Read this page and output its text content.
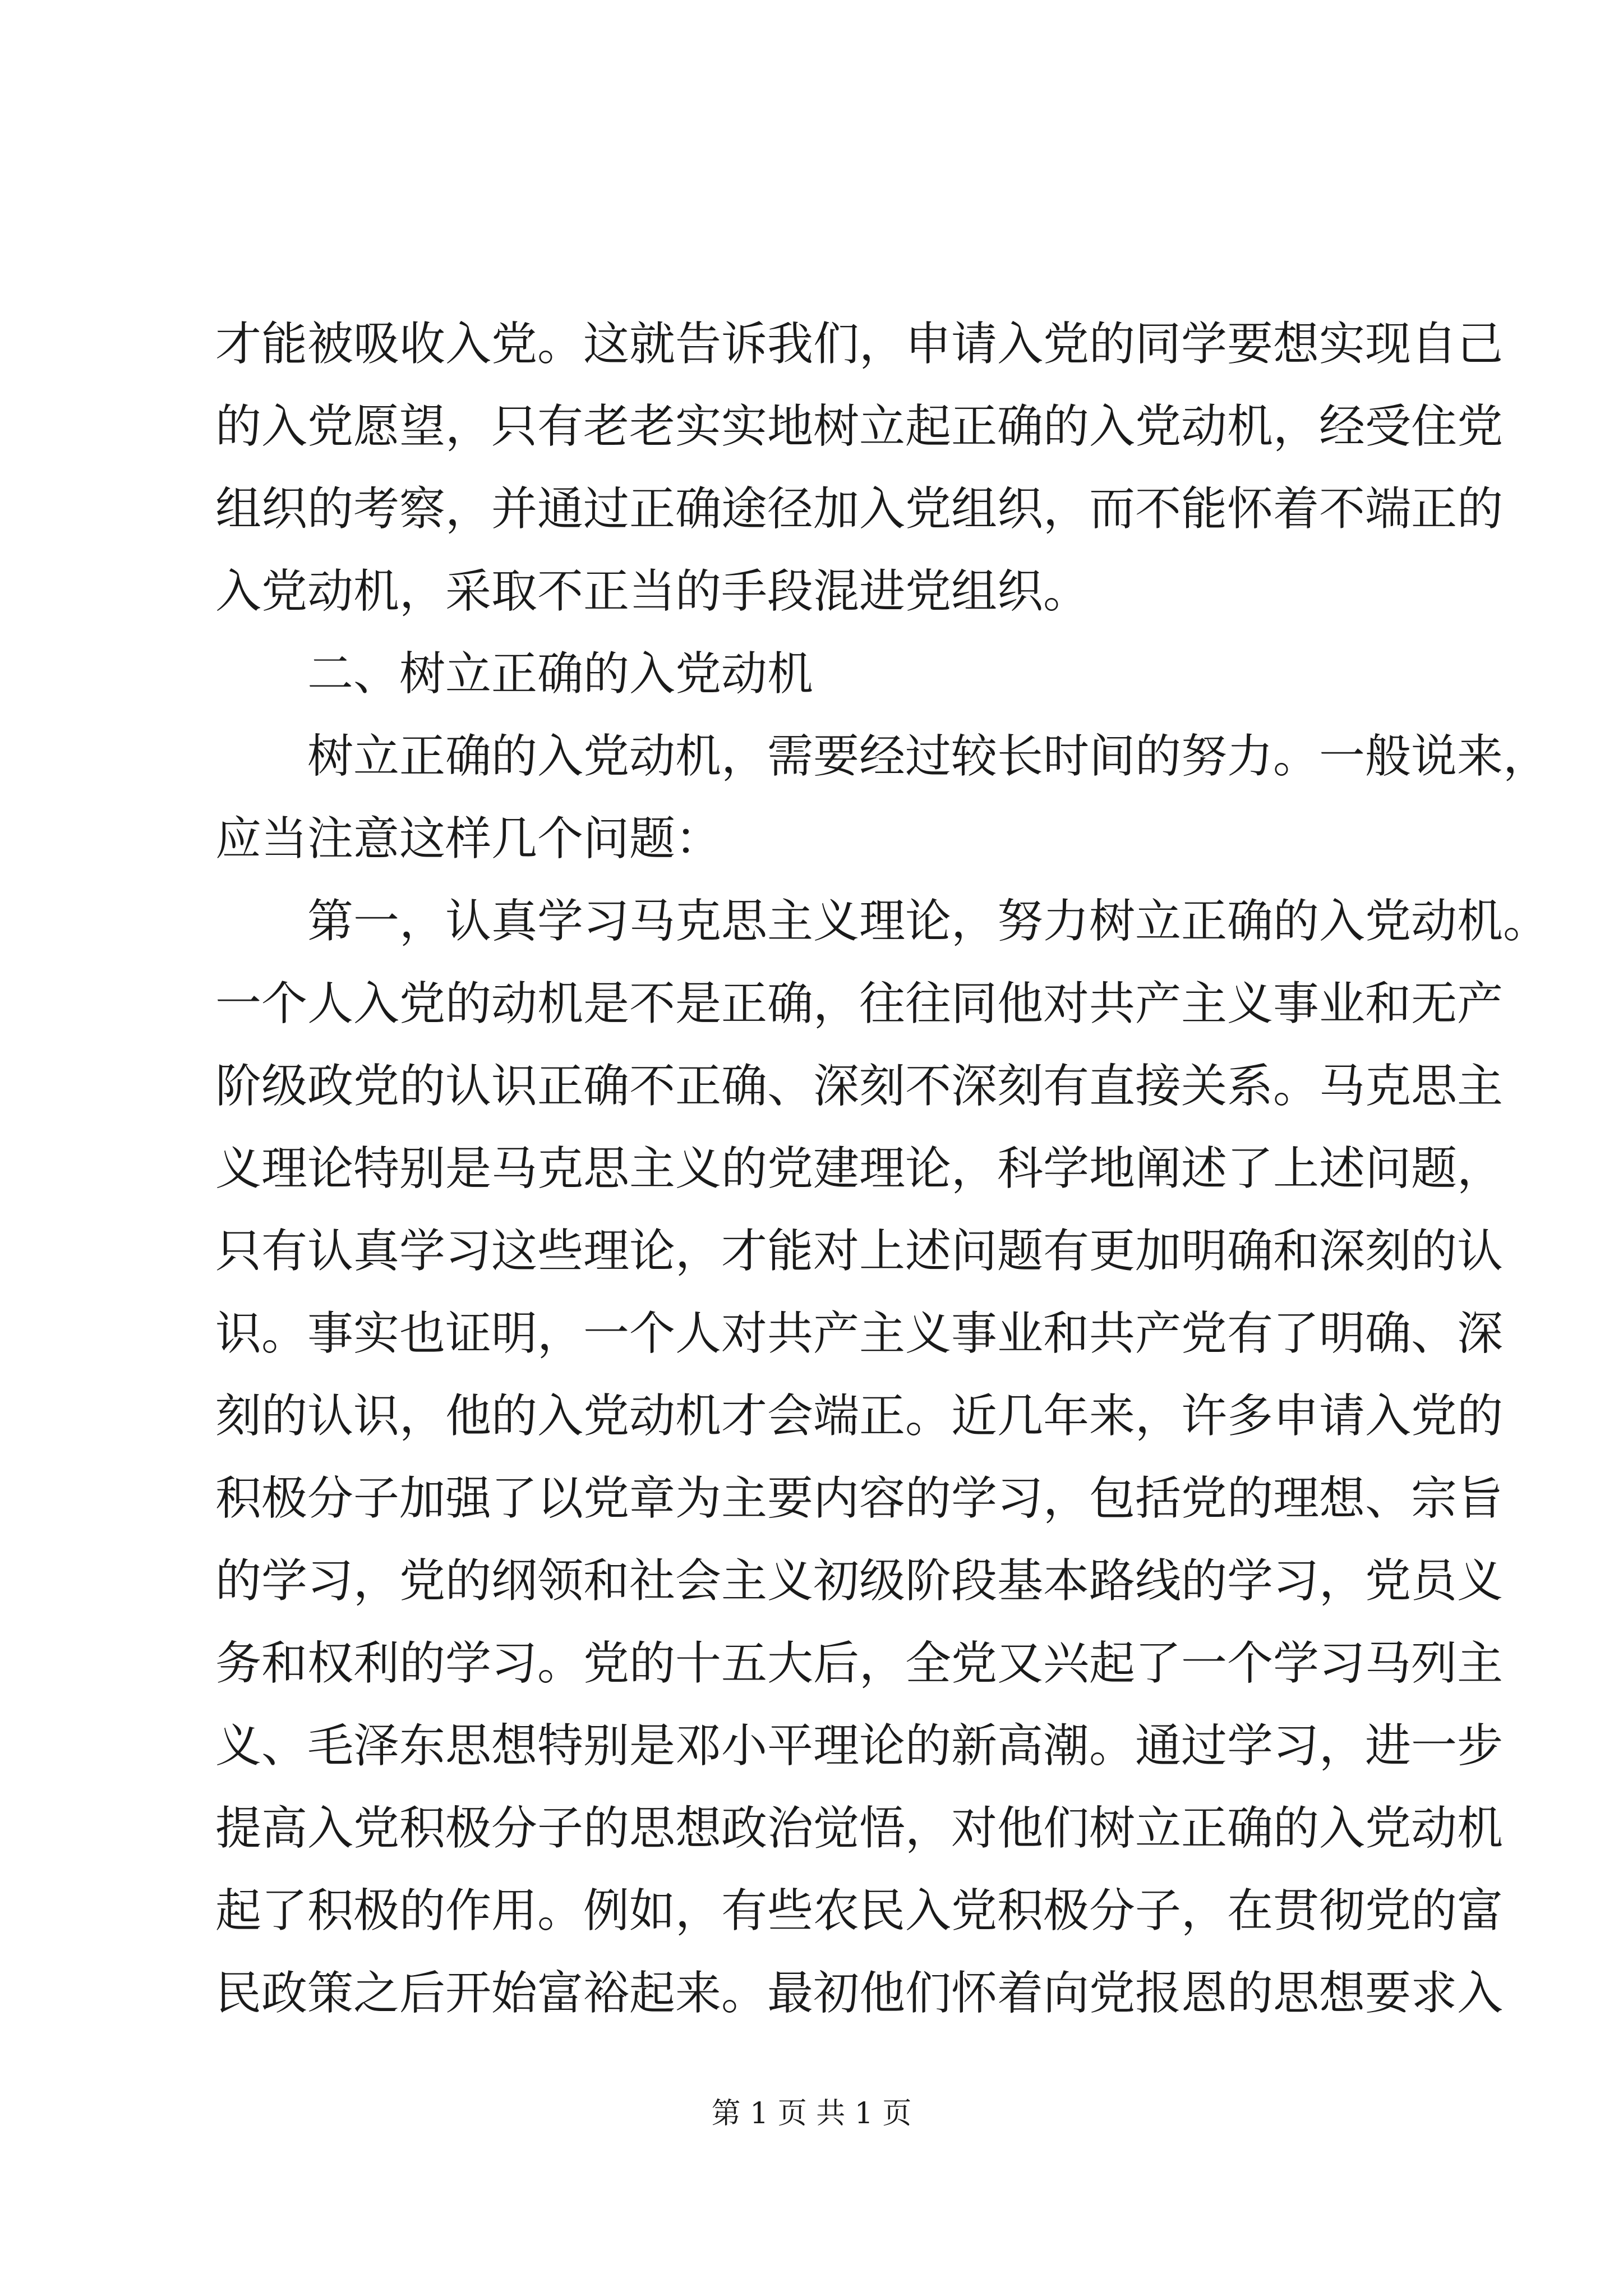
才能被吸收入党。这就告诉我们，申请入党的同学要想实现自己
的入党愿望，只有老老实实地树立起正确的入党动机，经受住党
组织的考察，并通过正确途径加入党组织，而不能怀着不端正的
入党动机，采取不正当的手段混进党组织。
二、树立正确的入党动机
树立正确的入党动机，需要经过较长时间的努力。一般说来，
应当注意这样几个问题：
第一，认真学习马克思主义理论，努力树立正确的入党动机。
一个人入党的动机是不是正确，往往同他对共产主义事业和无产
阶级政党的认识正确不正确、深刻不深刻有直接关系。马克思主
义理论特别是马克思主义的党建理论，科学地阐述了上述问题，
只有认真学习这些理论，才能对上述问题有更加明确和深刻的认
识。事实也证明，一个人对共产主义事业和共产党有了明确、深
刻的认识，他的入党动机才会端正。近几年来，许多申请入党的
积极分子加强了以党章为主要内容的学习，包括党的理想、宗旨
的学习，党的纲领和社会主义初级阶段基本路线的学习，党员义
务和权利的学习。党的十五大后，全党又兴起了一个学习马列主
义、毛泽东思想特别是邓小平理论的新高潮。通过学习，进一步
提高入党积极分子的思想政治觉悟，对他们树立正确的入党动机
起了积极的作用。例如，有些农民入党积极分子，在贯彻党的富
民政策之后开始富裕起来。最初他们怀着向党报恩的思想要求入
第 1 页 共 1 页
